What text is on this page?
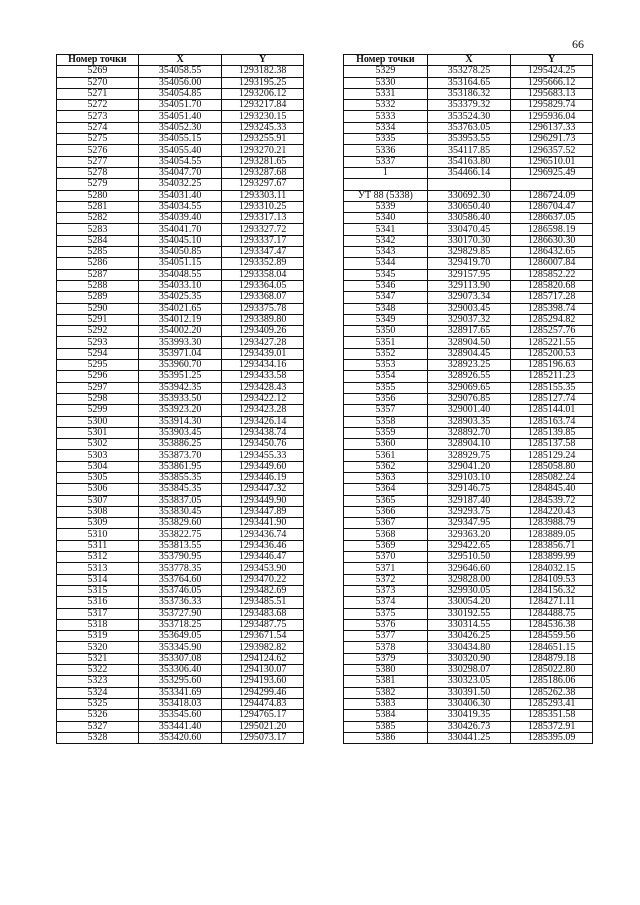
66
Номер точки	X	Y
5269	354058.55	1293182.38
5270	354056.00	1293195.25
5271	354054.85	1293206.12
5272	354051.70	1293217.84
5273	354051.40	1293230.15
5274	354052.30	1293245.33
5275	354055.15	1293255.91
5276	354055.40	1293270.21
5277	354054.55	1293281.65
5278	354047.70	1293287.68
5279	354032.25	1293297.67
5280	354031.40	1293303.11
5281	354034.55	1293310.25
5282	354039.40	1293317.13
5283	354041.70	1293327.72
5284	354045.10	1293337.17
5285	354050.85	1293347.47
5286	354051.15	1293352.89
5287	354048.55	1293358.04
5288	354033.10	1293364.05
5289	354025.35	1293368.07
5290	354021.65	1293375.78
5291	354012.19	1293389.80
5292	354002.20	1293409.26
5293	353993.30	1293427.28
5294	353971.04	1293439.01
5295	353960.70	1293434.16
5296	353951.25	1293433.58
5297	353942.35	1293428.43
5298	353933.50	1293422.12
5299	353923.20	1293423.28
5300	353914.30	1293426.14
5301	353903.45	1293438.74
5302	353886.25	1293450.76
5303	353873.70	1293455.33
5304	353861.95	1293449.60
5305	353855.35	1293446.19
5306	353845.35	1293447.32
5307	353837.05	1293449.90
5308	353830.45	1293447.89
5309	353829.60	1293441.90
5310	353822.75	1293436.74
5311	353813.55	1293436.46
5312	353790.95	1293446.47
5313	353778.35	1293453.90
5314	353764.60	1293470.22
5315	353746.05	1293482.69
5316	353736.33	1293485.51
5317	353727.90	1293483.68
5318	353718.25	1293487.75
5319	353649.05	1293671.54
5320	353345.90	1293982.82
5321	353307.08	1294124.62
5322	353306.40	1294130.07
5323	353295.60	1294193.60
5324	353341.69	1294299.46
5325	353418.03	1294474.83
5326	353545.60	1294765.17
5327	353441.40	1295021.20
5328	353420.60	1295073.17
Номер точки	X	Y
5329	353278.25	1295424.25
5330	353164.65	1295666.12
5331	353186.32	1295683.13
5332	353379.32	1295829.74
5333	353524.30	1295936.04
5334	353763.05	1296137.33
5335	353953.55	1296291.73
5336	354117.85	1296357.52
5337	354163.80	1296510.01
1	354466.14	1296925.49

УТ 88 (5338)	330692.30	1286724.09
5339	330650.40	1286704.47
5340	330586.40	1286637.05
5341	330470.45	1286598.19
5342	330170.30	1286630.30
5343	329829.85	1286432.65
5344	329419.70	1286007.84
5345	329157.95	1285852.22
5346	329113.90	1285820.68
5347	329073.34	1285717.28
5348	329003.45	1285398.74
5349	329037.32	1285294.82
5350	328917.65	1285257.76
5351	328904.50	1285221.55
5352	328904.45	1285200.53
5353	328923.25	1285196.63
5354	328926.55	1285211.23
5355	329069.65	1285155.35
5356	329076.85	1285127.74
5357	329001.40	1285144.01
5358	328903.35	1285163.74
5359	328892.70	1285139.85
5360	328904.10	1285137.58
5361	328929.75	1285129.24
5362	329041.20	1285058.80
5363	329103.10	1285082.24
5364	329146.75	1284845.40
5365	329187.40	1284539.72
5366	329293.75	1284220.43
5367	329347.95	1283988.79
5368	329363.20	1283889.05
5369	329422.65	1283856.71
5370	329510.50	1283899.99
5371	329646.60	1284032.15
5372	329828.00	1284109.53
5373	329930.05	1284156.32
5374	330054.20	1284271.11
5375	330192.55	1284488.75
5376	330314.55	1284536.38
5377	330426.25	1284559.56
5378	330434.80	1284651.15
5379	330320.90	1284879.18
5380	330298.07	1285022.80
5381	330323.05	1285186.06
5382	330391.50	1285262.38
5383	330406.30	1285293.41
5384	330419.35	1285351.58
5385	330426.73	1285372.91
5386	330441.25	1285395.09
